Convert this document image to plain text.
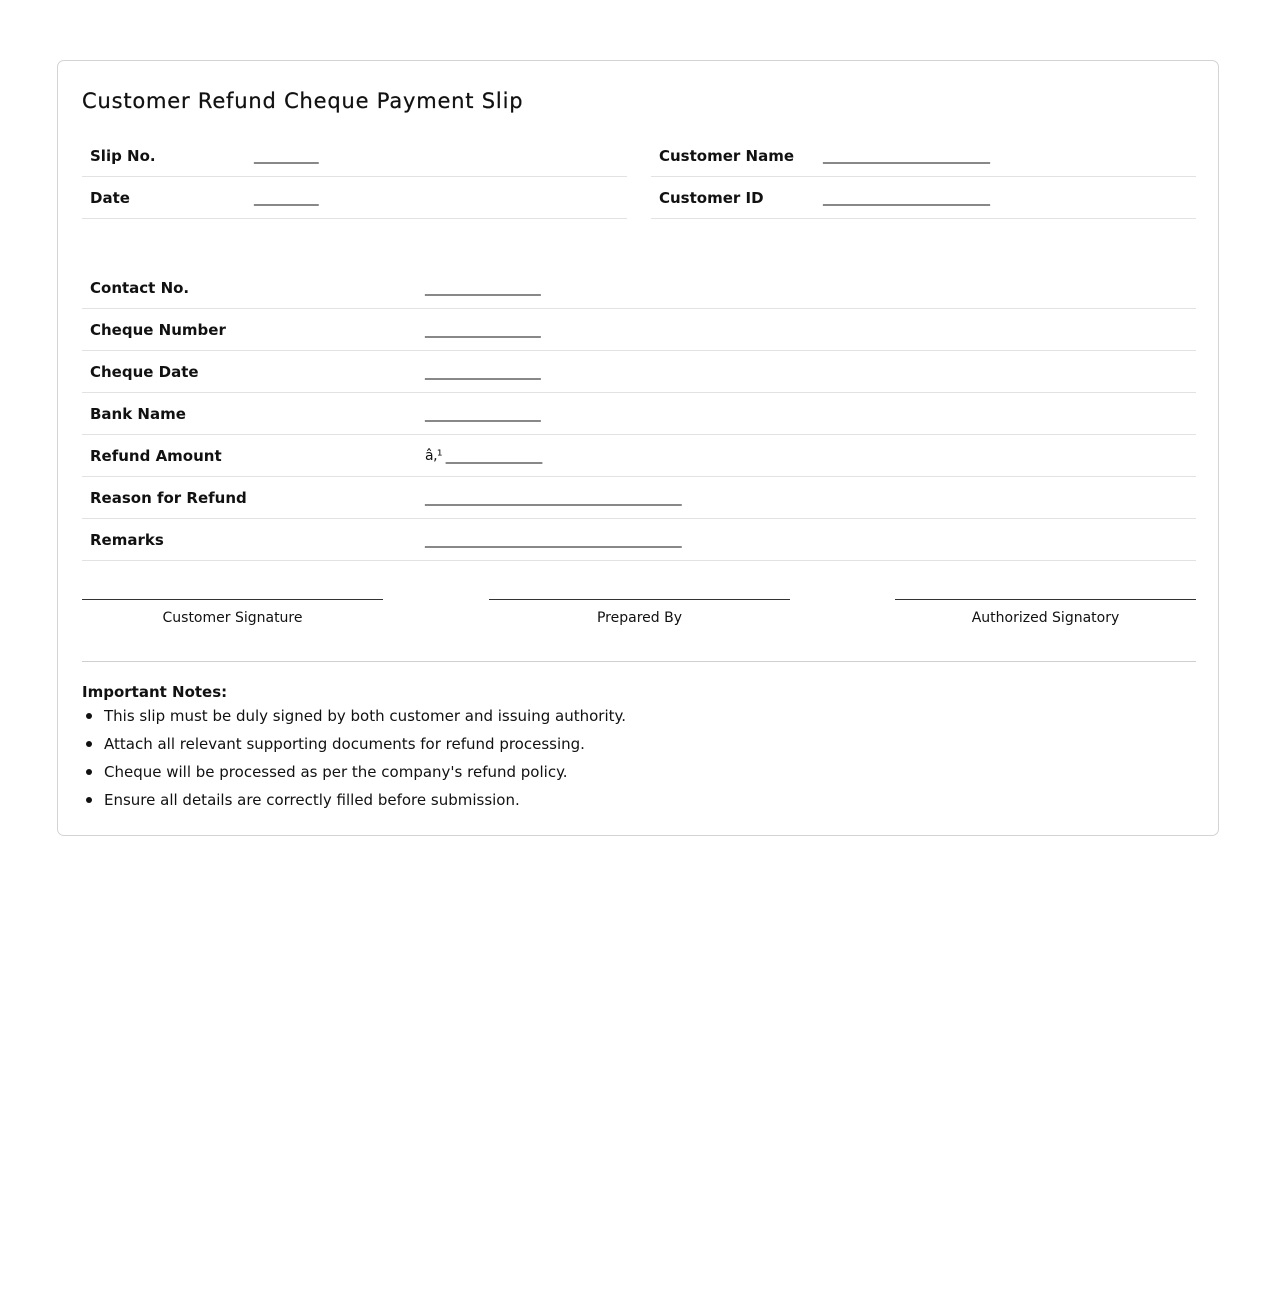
Customer Refund Cheque Payment Slip
Slip No.	__________
Date	__________
Customer Name __________________________
Customer ID	__________________________
Contact No.	__________________
Cheque Number	__________________
Cheque Date	__________________
Bank Name	__________________
Refund Amount	â‚¹ _______________
Reason for Refund	________________________________________
Remarks	________________________________________
Customer Signature	Prepared By	Authorized Signatory
Important Notes:
This slip must be duly signed by both customer and issuing authority.
Attach all relevant supporting documents for refund processing.
Cheque will be processed as per the company's refund policy.
Ensure all details are correctly filled before submission.
